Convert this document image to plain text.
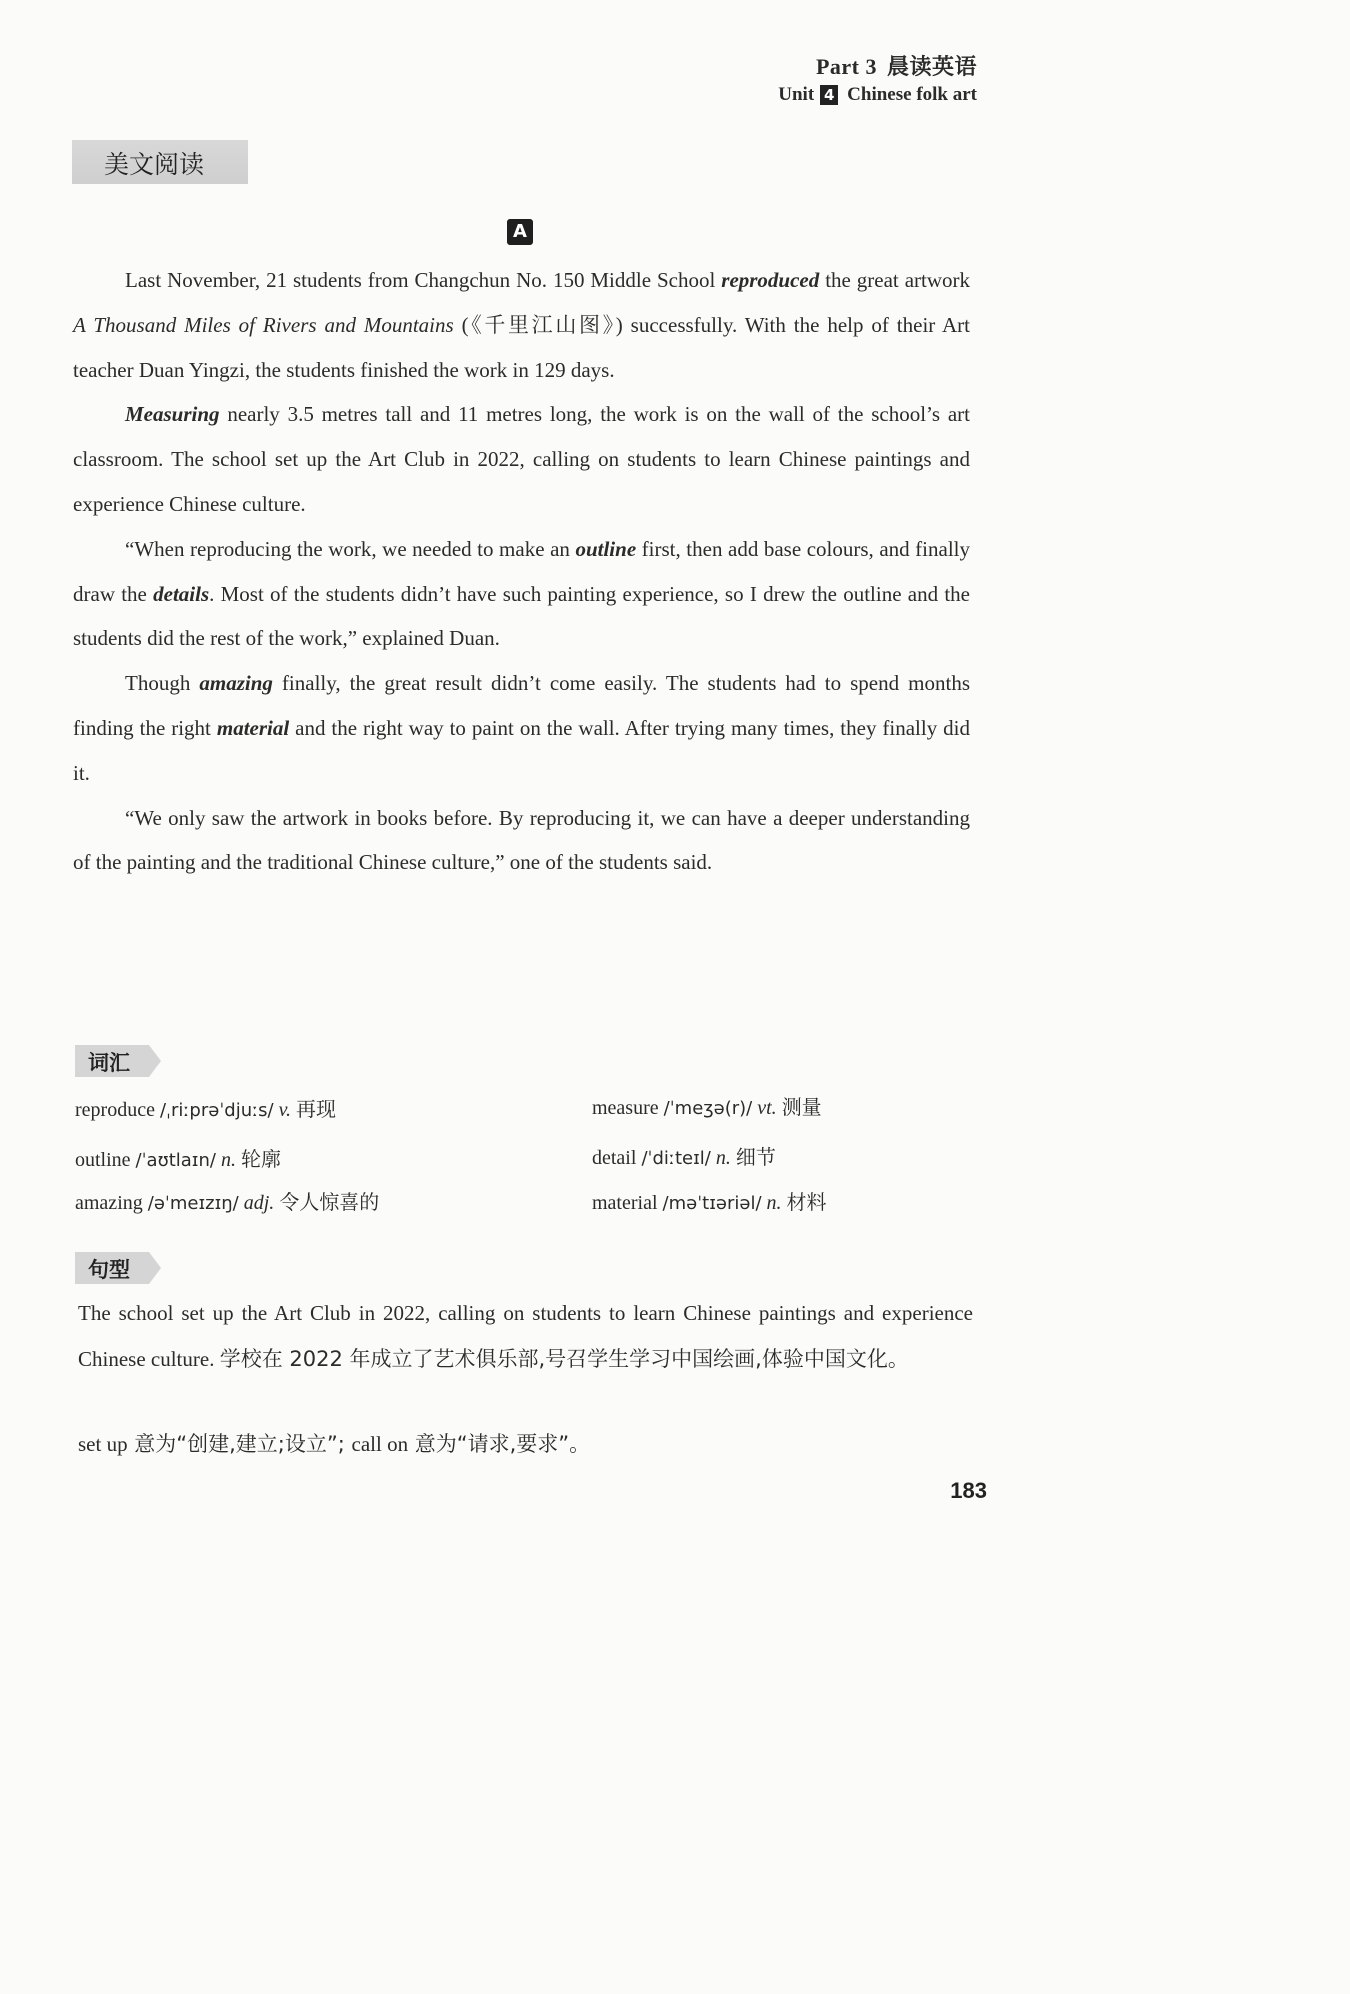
Part 3 晨读英语
Unit 4 Chinese folk art
美文阅读
A

Last November, 21 students from Changchun No. 150 Middle School reproduced the great artwork A Thousand Miles of Rivers and Mountains (《千里江山图》) successfully. With the help of their Art teacher Duan Yingzi, the students finished the work in 129 days.

Measuring nearly 3.5 metres tall and 11 metres long, the work is on the wall of the school’s art classroom. The school set up the Art Club in 2022, calling on students to learn Chinese paintings and experience Chinese culture.

“When reproducing the work, we needed to make an outline first, then add base colours, and finally draw the details. Most of the students didn’t have such painting experience, so I drew the outline and the students did the rest of the work,” explained Duan.

Though amazing finally, the great result didn’t come easily. The students had to spend months finding the right material and the right way to paint on the wall. After trying many times, they finally did it.

“We only saw the artwork in books before. By reproducing it, we can have a deeper understanding of the painting and the traditional Chinese culture,” one of the students said.

词汇
reproduce /ˌriːprəˈdjuːs/ v. 再现	measure /ˈmeʒə(r)/ vt. 测量
outline /ˈaʊtlaɪn/ n. 轮廓	detail /ˈdiːteɪl/ n. 细节
amazing /əˈmeɪzɪŋ/ adj. 令人惊喜的	material /məˈtɪəriəl/ n. 材料
句型

The school set up the Art Club in 2022, calling on students to learn Chinese paintings and experience Chinese culture. 学校在 2022 年成立了艺术俱乐部,号召学生学习中国绘画,体验中国文化。

set up 意为“创建,建立;设立”; call on 意为“请求,要求”。
183
